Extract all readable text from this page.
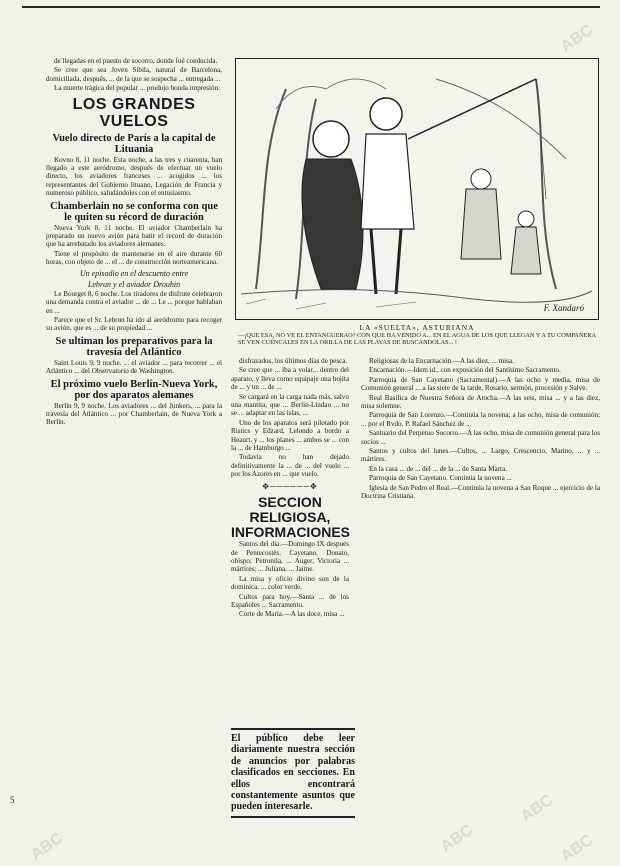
de llegadas en el puesto de socorro, donde fué conducida.

Se cree que sea Joven Sibila, natural de Barcelona, domiciliada, después, ... de la que se sospecha ... entregada ...

La muerte trágica del popular ... produjo honda impresión.

LOS GRANDES VUELOS
Vuelo directo de París a la capital de Lituania

Kovno 8, 11 noche. Esta noche, a las tres y cuarenta, han llegado a este aeródromo, después de efectuar un vuelo directo, los aviadores franceses ... acogidos ... los representantes del Gobierno lituano, Legación de Francia y numeroso público, saludándoles con el entusiasmo.

Chamberlain no se conforma con que le quiten su récord de duración

Nueva York 8, 11 noche. El aviador Chamberlain ha preparado un nuevo avión para batir el record de duración que ha arrebatado los aviadores alemanes.

Tiene el propósito de mantenerse en el aire durante 60 horas, con objeto de ... el ... de construcción norteamericana.

Un episodio en el descuento entre
Lebrun y el aviador Drouhin

Le Bourget 8, 6 noche. Los tiradores de disfrute celebraron una demanda contra el aviador ... de ... Le ... porque hablaban en ...

Parece que el Sr. Lebrun ha ido al aeródromo para recoger su avión, que es ... de su propiedad ...

Se ultiman los preparativos para la travesía del Atlántico

Saint Louis 9, 9 noche. ... el aviador ... para recorrer ... el Atlántico ... del Observatorio de Washington.

El próximo vuelo Berlín-Nueva York, por dos aparatos alemanes

Berlín 9, 9 noche. Los aviadores ... del Junkers, ... para la travesía del Atlántico ... por Chamberlain, de Nueva York a Berlín.

F. Xandaró
LA «SUELTA», ASTURIANA
—¡QUE ESA, NO VE EL ENTANGUERAO? CON QUE HA VENIDO A... EN EL AGUA DE LOS QUE LLEGAN Y A TU COMPAÑERA SE VEN CUÉNCALES EN LA ORILLA DE LAS PLAYAS DE BUSCANDOLAS... !

disfrazados, los últimos días de pesca.

Se cree que ... iba a volar... dentro del aparato, y lleva como equipaje una hojita de ... y un ... de ...

Se cargará en la carga nada más, salvo una mantita, que ... Berlin-Lindau ... no se ... adaptar en las islas, ...

Uno de los aparatos será pilotado por Ristics y Edzard, Lelondo a bordo a Heaurt, y ... los planes ... ambos se ... con la ... de Hamburgo ...

Todavía no han dejado definitivamente la ... de ... del vuelo ... por los Azores en ... que vuelo.

✥──────✥
SECCION RELIGIOSA, INFORMACIONES

Santos del día.—Domingo IX después de Pentecostés. Cayetano, Donato, obispo; Petronila, ... Auger, Victoria ... mártires; ... Juliana, ... Jaime.

La misa y oficio divino son de la dominica. ... color verde.

Cultos para hoy.—Santa ... de los Españoles ... Sacramento.

Corte de María.—A las doce, misa ...

El público debe leer diariamente nuestra sección de anuncios por palabras clasificados en secciones. En ellos encontrará constantemente asuntos que pueden interesarle.

Religiosas de la Encarnación.—A las diez, ... misa.

Encarnación.—Idem id., con exposición del Santísimo Sacramento.

Parroquia de San Cayetano (Sacramental).—A las ocho y media, misa de Comunión general ... a las siete de la tarde, Rosario, sermón, procesión y Salve.

Real Basílica de Nuestra Señora de Atocha.—A las seis, misa ... y a las diez, misa solemne.

Parroquia de San Lorenzo.—Continúa la novena; a las ocho, misa de comunión; ... por el Rvdo. P. Rafael Sánchez de ...

Santuario del Perpetuo Socorro.—A las ocho, misa de comunión general para los socios ...

Santos y cultos del lunes.—Cultos, ... Largo, Crescencio, Marino, ... y ... mártires.

En la casa ... de ... del ... de la ... de Santa Marta.

Parroquia de San Cayetano. Continúa la novena ...

Iglesia de San Pedro el Real.—Continúa la novena a San Roque ... ejercicio de la Doctrina Cristiana.

5
ABC
ABC
ABC
ABC
ABC
